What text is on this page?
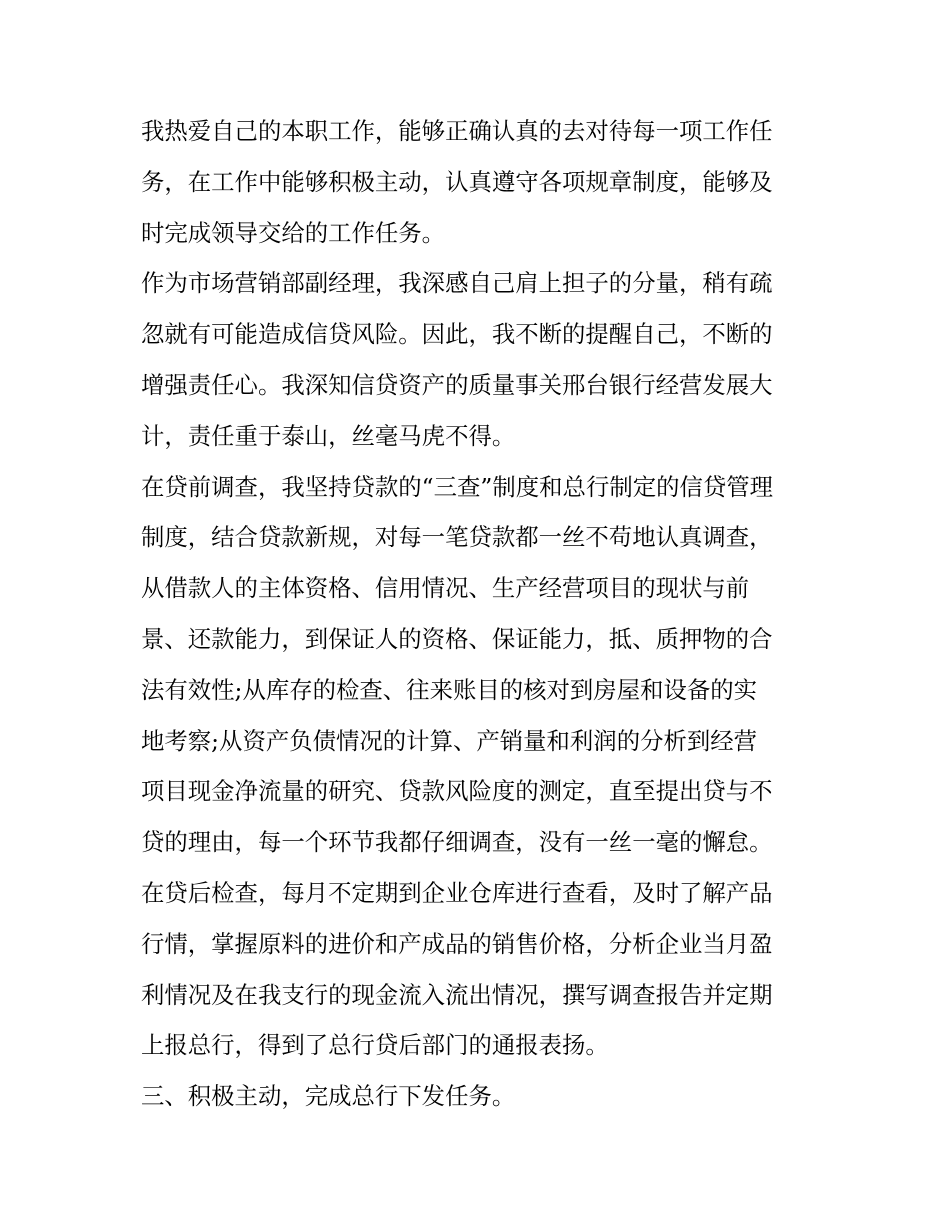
我热爱自己的本职工作，能够正确认真的去对待每一项工作任
务，在工作中能够积极主动，认真遵守各项规章制度，能够及
时完成领导交给的工作任务。
作为市场营销部副经理，我深感自己肩上担子的分量，稍有疏
忽就有可能造成信贷风险。因此，我不断的提醒自己，不断的
增强责任心。我深知信贷资产的质量事关邢台银行经营发展大
计，责任重于泰山，丝毫马虎不得。
在贷前调查，我坚持贷款的“三查”制度和总行制定的信贷管理
制度，结合贷款新规，对每一笔贷款都一丝不苟地认真调查，
从借款人的主体资格、信用情况、生产经营项目的现状与前
景、还款能力，到保证人的资格、保证能力，抵、质押物的合
法有效性;从库存的检查、往来账目的核对到房屋和设备的实
地考察;从资产负债情况的计算、产销量和利润的分析到经营
项目现金净流量的研究、贷款风险度的测定，直至提出贷与不
贷的理由，每一个环节我都仔细调查，没有一丝一毫的懈怠。
在贷后检查，每月不定期到企业仓库进行查看，及时了解产品
行情，掌握原料的进价和产成品的销售价格，分析企业当月盈
利情况及在我支行的现金流入流出情况，撰写调查报告并定期
上报总行，得到了总行贷后部门的通报表扬。
三、积极主动，完成总行下发任务。
